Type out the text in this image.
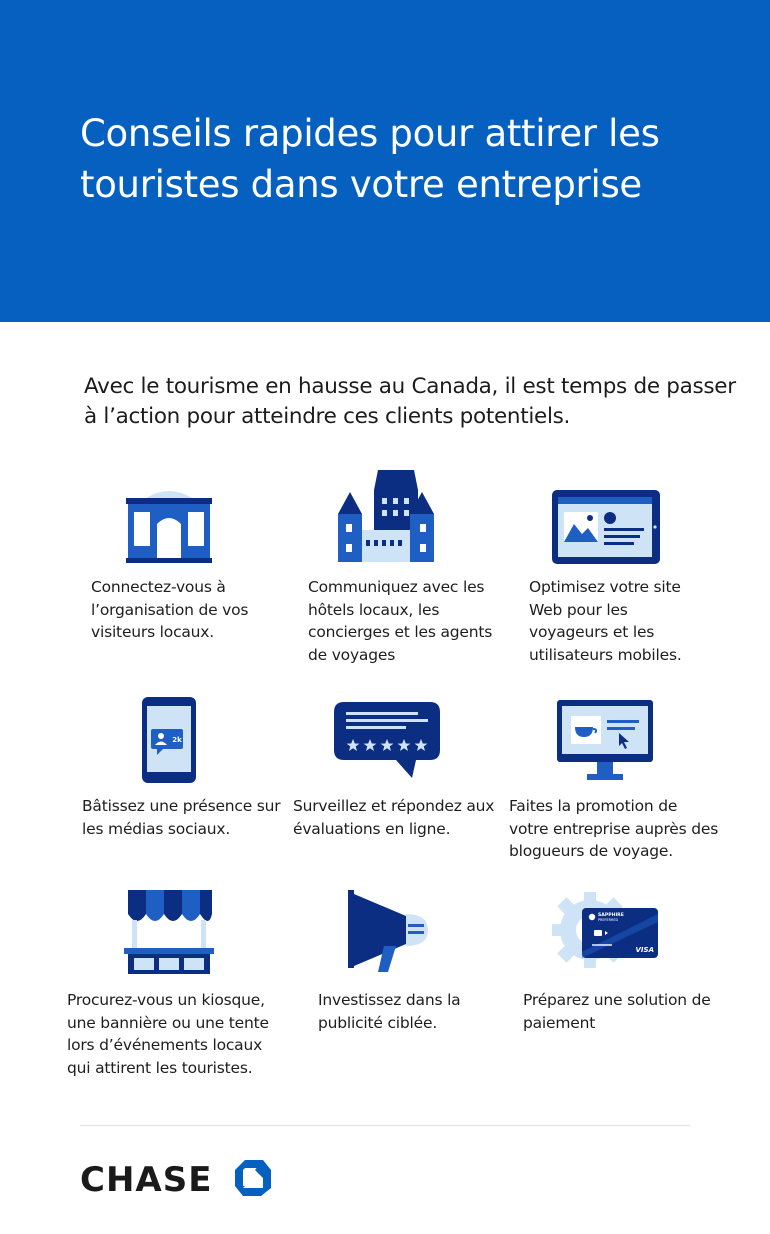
Conseils rapides pour attirer les touristes dans votre entreprise

Avec le tourisme en hausse au Canada, il est temps de passer à l’action pour atteindre ces clients potentiels.

Connectez-vous à l’organisation de vos visiteurs locaux.

Communiquez avec les hôtels locaux, les concierges et les agents de voyages

Optimisez votre site Web pour les voyageurs et les utilisateurs mobiles.

2k

Bâtissez une présence sur les médias sociaux.

Surveillez et répondez aux évaluations en ligne.

Faites la promotion de votre entreprise auprès des blogueurs de voyage.

SAPPHIRE
PREFERRED
VISA

Procurez-vous un kiosque, une bannière ou une tente lors d’événements locaux qui attirent les touristes.

Investissez dans la publicité ciblée.

Préparez une solution de paiement

CHASE
